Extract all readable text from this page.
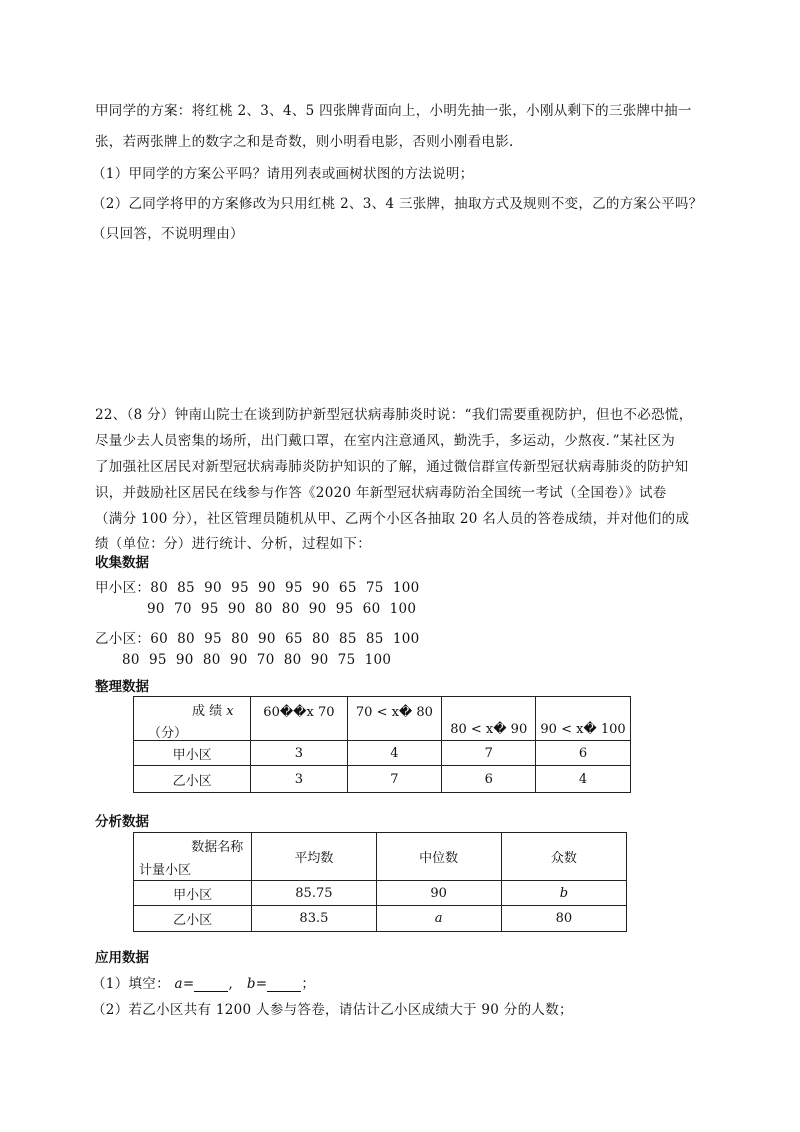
甲同学的方案：将红桃 2、3、4、5 四张牌背面向上，小明先抽一张，小刚从剩下的三张牌中抽一
张，若两张牌上的数字之和是奇数，则小明看电影，否则小刚看电影.
（1）甲同学的方案公平吗？请用列表或画树状图的方法说明；
（2）乙同学将甲的方案修改为只用红桃 2、3、4 三张牌，抽取方式及规则不变，乙的方案公平吗？
（只回答，不说明理由）
22、（8 分）钟南山院士在谈到防护新型冠状病毒肺炎时说：“我们需要重视防护，但也不必恐慌，
尽量少去人员密集的场所，出门戴口罩，在室内注意通风，勤洗手，多运动，少熬夜．”某社区为
了加强社区居民对新型冠状病毒肺炎防护知识的了解，通过微信群宣传新型冠状病毒肺炎的防护知
识，并鼓励社区居民在线参与作答《2020 年新型冠状病毒防治全国统一考试（全国卷）》试卷
（满分 100 分），社区管理员随机从甲、乙两个小区各抽取 20 名人员的答卷成绩，并对他们的成
绩（单位：分）进行统计、分析，过程如下：
收集数据
甲小区：80  85  90  95  90  95  90  65  75  100
90  70  95  90  80  80  90  95  60  100
乙小区：60  80  95  80  90  65  80  85  85  100
80  95  90  80  90  70  80  90  75  100
整理数据
成 绩 x
（分）	60��x 70	70 < x� 80	80 < x� 90	90 < x� 100
甲小区	3	4	7	6
乙小区	3	7	6	4
分析数据
数据名称
计量小区	平均数	中位数	众数
甲小区	85.75	90	b
乙小区	83.5	a	80
应用数据
（1）填空： a=	,   b=	；
（2）若乙小区共有 1200 人参与答卷，请估计乙小区成绩大于 90 分的人数；
